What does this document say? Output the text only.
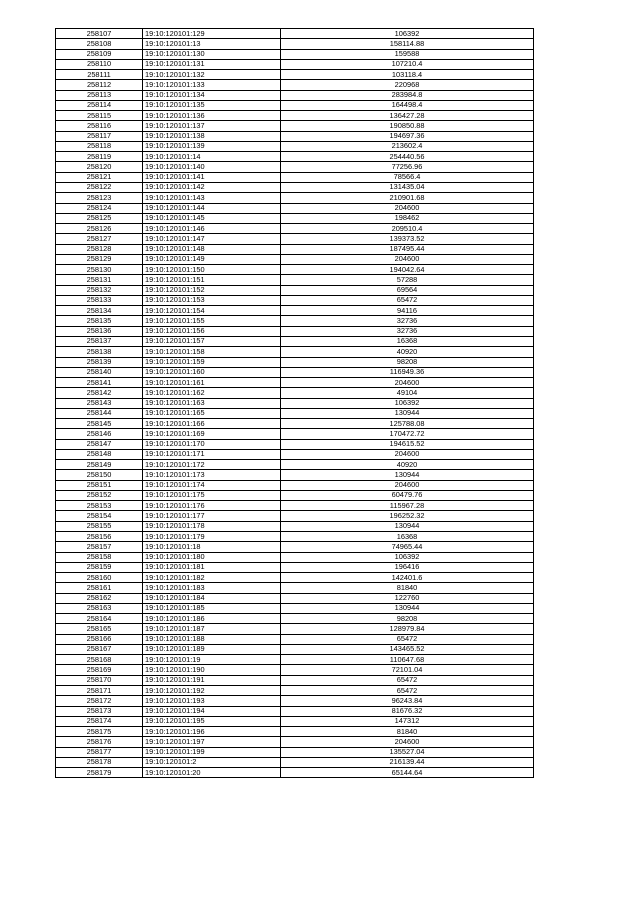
258107	19:10:120101:129	106392
258108	19:10:120101:13	158114.88
258109	19:10:120101:130	159588
258110	19:10:120101:131	107210.4
258111	19:10:120101:132	103118.4
258112	19:10:120101:133	220968
258113	19:10:120101:134	283984.8
258114	19:10:120101:135	164498.4
258115	19:10:120101:136	136427.28
258116	19:10:120101:137	190850.88
258117	19:10:120101:138	194697.36
258118	19:10:120101:139	213602.4
258119	19:10:120101:14	254440.56
258120	19:10:120101:140	77256.96
258121	19:10:120101:141	78566.4
258122	19:10:120101:142	131435.04
258123	19:10:120101:143	210901.68
258124	19:10:120101:144	204600
258125	19:10:120101:145	198462
258126	19:10:120101:146	209510.4
258127	19:10:120101:147	139373.52
258128	19:10:120101:148	187495.44
258129	19:10:120101:149	204600
258130	19:10:120101:150	194042.64
258131	19:10:120101:151	57288
258132	19:10:120101:152	69564
258133	19:10:120101:153	65472
258134	19:10:120101:154	94116
258135	19:10:120101:155	32736
258136	19:10:120101:156	32736
258137	19:10:120101:157	16368
258138	19:10:120101:158	40920
258139	19:10:120101:159	98208
258140	19:10:120101:160	116949.36
258141	19:10:120101:161	204600
258142	19:10:120101:162	49104
258143	19:10:120101:163	106392
258144	19:10:120101:165	130944
258145	19:10:120101:166	125788.08
258146	19:10:120101:169	170472.72
258147	19:10:120101:170	194615.52
258148	19:10:120101:171	204600
258149	19:10:120101:172	40920
258150	19:10:120101:173	130944
258151	19:10:120101:174	204600
258152	19:10:120101:175	60479.76
258153	19:10:120101:176	115967.28
258154	19:10:120101:177	196252.32
258155	19:10:120101:178	130944
258156	19:10:120101:179	16368
258157	19:10:120101:18	74965.44
258158	19:10:120101:180	106392
258159	19:10:120101:181	196416
258160	19:10:120101:182	142401.6
258161	19:10:120101:183	81840
258162	19:10:120101:184	122760
258163	19:10:120101:185	130944
258164	19:10:120101:186	98208
258165	19:10:120101:187	128979.84
258166	19:10:120101:188	65472
258167	19:10:120101:189	143465.52
258168	19:10:120101:19	110647.68
258169	19:10:120101:190	72101.04
258170	19:10:120101:191	65472
258171	19:10:120101:192	65472
258172	19:10:120101:193	96243.84
258173	19:10:120101:194	81676.32
258174	19:10:120101:195	147312
258175	19:10:120101:196	81840
258176	19:10:120101:197	204600
258177	19:10:120101:199	135527.04
258178	19:10:120101:2	216139.44
258179	19:10:120101:20	65144.64
